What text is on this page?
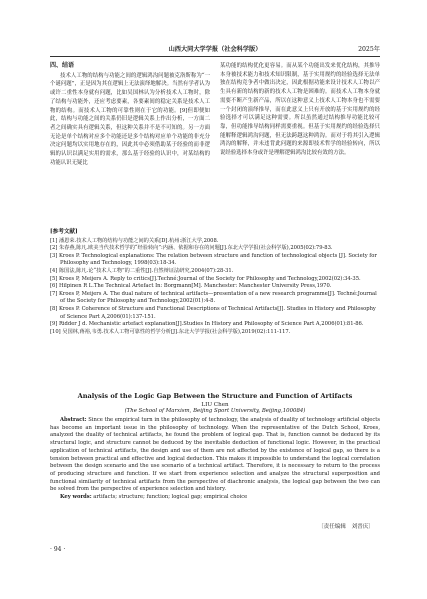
山西大同大学学报（社会科学版）	2025年
四、结语

技术人工物的结构与功能之间的逻辑鸿沟问题被克洛斯称为“一个谜问题”，正是因为其在逻辑上无法演绎地解决。当然有学者认为或许二重性本身就有问题，比如吴国林认为分析技术人工物时，除了结构与功能外，还应考虑要素，各要素间的稳定关系是技术人工物的结构。而技术人工物的可靠性则在于它的功能。[9]但即便如此，结构与功能之间的关系仍旧是逻辑关系上作出分析，一方面二者之间确实具有逻辑关系，但这种关系并不是不可知的。另一方面无论是单个结构对应多个功能还是多个结构对应单个功能的非充分决定问题均以实用地存在的，因此其中必须借助某于经验的而非逻辑的认识以满足实用的需求，那么基于经验的认识中，对某结构的功能认识无疑比

某功能的结构优化更容易。而从某个功能出发来优化结构，其推导本身被技术能力和技术知识限制，基于实用规约的经验选择无法单独在结构竞争者中做出决定，因此根据功能来设计技术人工物以产生具有新的结构的新的技术人工物是困难的。而技术人工物本身就需要不断产生新产品，所以在这种意义上技术人工物本身也不需要一个封闭的演绎推导，而在此意义上只有开放的基于实用规约的经验选择才可以满足这种需要。所以虽然通过结构推导功能比较可靠，但功能推导结构同样需要重视。但基于实用规约的经验选择只能解释逻辑鸿沟问题，但无法跨越这种鸿沟。而对于将其引入逻辑鸿沟的解释，并未违背此问题的来源即技术哲学的经验转向，所以说经验选择本身或许是理解逻辑鸿沟比较有效的方法。

[参考文献]

[1] 潘恩荣.技术人工物的结构与功能之间的关系[D].杭州:浙江大学,2008.

[2] 朱春燕,陈凡.欧美当代技术哲学的“经验转向”:内涵、依据和存在的问题[J].东北大学学报(社会科学版),2005(02):79-83.

[3] Kroes P. Technological explanations: The relation between structure and function of technological objects [J]. Society for Philosophy and Technology, 1998(03):18-34.

[4] 陈国法,陈凡.论“技术人工物”的二重性[J].自然辩证法研究,2004(07):28-31.

[5] Kroes P, Meijers A. Reply to critics[J].Techné:Journal of the Society for Philosophy and Technology,2002(02):34-35.

[6] Hilpinen R L.The Technical Artefact In: Borgmann[M]. Manchester: Manchester University Press,1970.

[7] Kroes P, Meijers A. The dual nature of technical artifacts—presentation of a new research programme[J]. Techné:Journal of the Society for Philosophy and Technology,2002(01):4-8.

[8] Kroes P. Coherence of Structure and Functional Descriptions of Technical Artifacts[J]. Studies in History and Philosophy of Science Part A,2006(01):137-151.

[9] Ridder J d. Mechanistic artefact explanation[J].Studies In History and Philosophy of Science Part A,2006(01):81-86.

[10] 吴国林,蒋裕,韦勇.技术人工物可靠性的哲学分析[J].东北大学学报(社会科学版),2019(02):111-117.

Analysis of the Logic Gap Between the Structure and Function of Artifacts
LIU Chen
(The School of Marxism, Beijing Sport University, Beijing,100084)

Abstract: Since the empirical turn in the philosophy of technology, the analysis of duality of technology artificial objects has become an important issue in the philosophy of technology. When the representative of the Dutch School, Kroes, analyzed the duality of technical artifacts, he found the problem of logical gap. That is, function cannot be deduced by its structural logic, and structure cannot be deduced by the inevitable deduction of functional logic. However, in the practical application of technical artifacts, the design and use of them are not affected by the existence of logical gap, so there is a tension between practical and effective and logical deduction. This makes it impossible to understand the logical correlation between the design scenario and the use scenario of a technical artifact. Therefore, it is necessary to return to the process of producing structure and function. If we start from experience selection and analyze the structural superposition and functional similarity of technical artifacts from the perspective of diachronic analysis, the logical gap between the two can be solved from the perspective of experience selection and history.

Key words: artifacts; structure; function; logical gap; empirical choice

〔责任编辑　刘晋庆〕
· 94 ·
